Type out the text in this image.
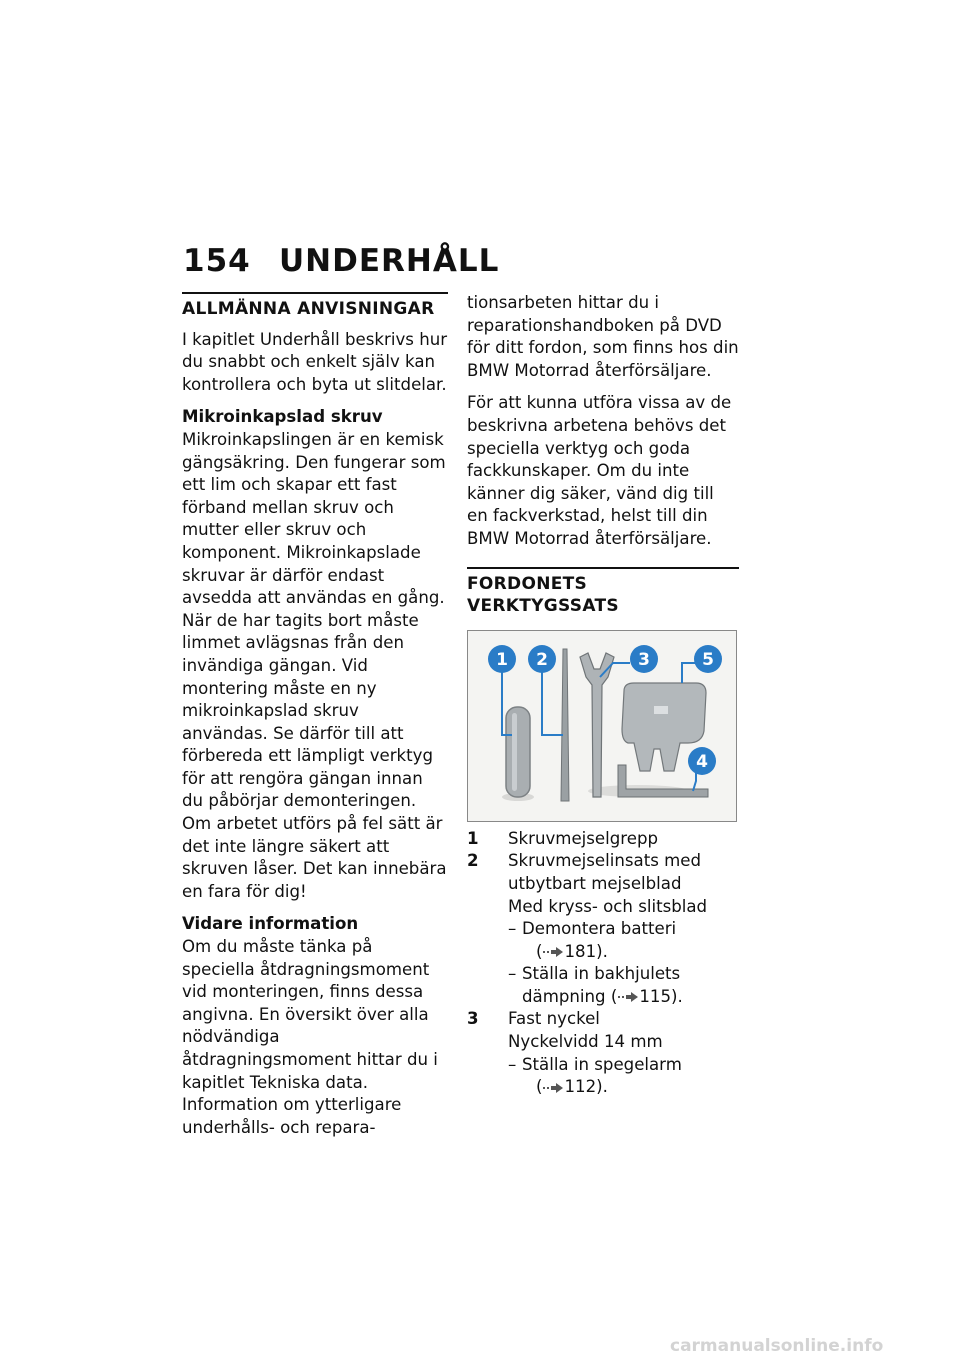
154 UNDERHÅLL
ALLMÄNNA ANVISNINGAR

I kapitlet Underhåll beskrivs hur du snabbt och enkelt själv kan kontrollera och byta ut slitdelar.

Mikroinkapslad skruv

Mikroinkapslingen är en kemisk gängsäkring. Den fungerar som ett lim och skapar ett fast förband mellan skruv och mutter eller skruv och komponent. Mikroinkapslade skruvar är därför endast avsedda att användas en gång.

När de har tagits bort måste limmet avlägsnas från den invändiga gängan. Vid montering måste en ny mikroinkapslad skruv användas. Se därför till att förbereda ett lämpligt verktyg för att rengöra gängan innan du påbörjar demonteringen. Om arbetet utförs på fel sätt är det inte längre säkert att skruven låser. Det kan innebära en fara för dig!

Vidare information

Om du måste tänka på speciella åtdragningsmoment vid monteringen, finns dessa angivna. En översikt över alla nödvändiga åtdragningsmoment hittar du i kapitlet Tekniska data.

Information om ytterligare underhålls- och repara-

tionsarbeten hittar du i reparationshandboken på DVD för ditt fordon, som finns hos din BMW Motorrad återförsäljare.

För att kunna utföra vissa av de beskrivna arbetena behövs det speciella verktyg och goda fackkunskaper. Om du inte känner dig säker, vänd dig till en fackverkstad, helst till din BMW Motorrad återförsäljare.

FORDONETS VERKTYGSSATS
1 2	3
4
5
1	Skruvmejselgrepp
2	Skruvmejselinsats med utbytbart mejselblad
Med kryss- och slitsblad
– Demontera batteri
( 181).
– Ställa in bakhjulets dämpning ( 115).
3	Fast nyckel
Nyckelvidd 14 mm
– Ställa in spegelarm
( 112).
carmanualsonline.info
